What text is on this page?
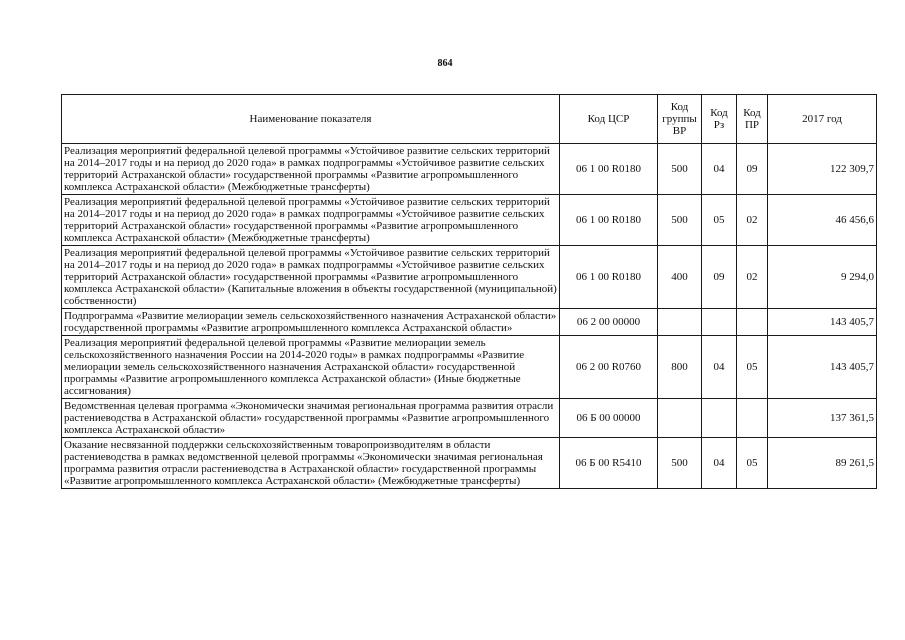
864
Наименование показателя	Код ЦСР	Код группы ВР	Код Рз	Код ПР	2017 год
Реализация мероприятий федеральной целевой программы «Устойчивое развитие сельских территорий на 2014–2017 годы и на период до 2020 года» в рамках подпрограммы «Устойчивое развитие сельских территорий Астраханской области» государственной программы «Развитие агропромышленного комплекса Астраханской области» (Межбюджетные трансферты)	06 1 00 R0180	500	04	09	122 309,7
Реализация мероприятий федеральной целевой программы «Устойчивое развитие сельских территорий на 2014–2017 годы и на период до 2020 года» в рамках подпрограммы «Устойчивое развитие сельских территорий Астраханской области» государственной программы «Развитие агропромышленного комплекса Астраханской области» (Межбюджетные трансферты)	06 1 00 R0180	500	05	02	46 456,6
Реализация мероприятий федеральной целевой программы «Устойчивое развитие сельских территорий на 2014–2017 годы и на период до 2020 года» в рамках подпрограммы «Устойчивое развитие сельских территорий Астраханской области» государственной программы «Развитие агропромышленного комплекса Астраханской области» (Капитальные вложения в объекты государственной (муниципальной) собственности)	06 1 00 R0180	400	09	02	9 294,0
Подпрограмма «Развитие мелиорации земель сельскохозяйственного назначения Астраханской области» государственной программы «Развитие агропромышленного комплекса Астраханской области»	06 2 00 00000				143 405,7
Реализация мероприятий федеральной целевой программы «Развитие мелиорации земель сельскохозяйственного назначения России на 2014-2020 годы» в рамках подпрограммы «Развитие мелиорации земель сельскохозяйственного назначения Астраханской области» государственной программы «Развитие агропромышленного комплекса Астраханской области» (Иные бюджетные ассигнования)	06 2 00 R0760	800	04	05	143 405,7
Ведомственная целевая программа «Экономически значимая региональная программа развития отрасли растениеводства в Астраханской области» государственной программы «Развитие агропромышленного комплекса Астраханской области»	06 Б 00 00000				137 361,5
Оказание несвязанной поддержки сельскохозяйственным товаропроизводителям в области растениеводства в рамках ведомственной целевой программы «Экономически значимая региональная программа развития отрасли растениеводства в Астраханской области» государственной программы «Развитие агропромышленного комплекса Астраханской области» (Межбюджетные трансферты)	06 Б 00 R5410	500	04	05	89 261,5
